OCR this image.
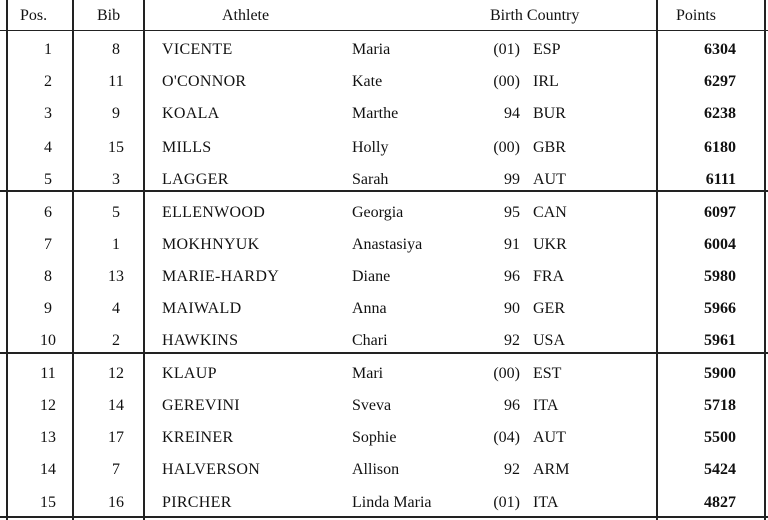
Pos.	Bib	Athlete	Birth Country	Points
1	8	VICENTE	Maria	(01) ESP	6304
2	11	O'CONNOR	Kate	(00) IRL	6297
3	9	KOALA	Marthe	94 BUR	6238
4	15	MILLS	Holly	(00) GBR	6180
5	3	LAGGER	Sarah	99 AUT	6111
6	5	ELLENWOOD	Georgia	95 CAN	6097
7	1	MOKHNYUK	Anastasiya	91 UKR	6004
8	13	MARIE-HARDY	Diane	96 FRA	5980
9	4	MAIWALD	Anna	90 GER	5966
10	2	HAWKINS	Chari	92 USA	5961
11	12	KLAUP	Mari	(00) EST	5900
12	14	GEREVINI	Sveva	96 ITA	5718
13	17	KREINER	Sophie	(04) AUT	5500
14	7	HALVERSON	Allison	92 ARM	5424
15	16	PIRCHER	Linda Maria	(01) ITA	4827
